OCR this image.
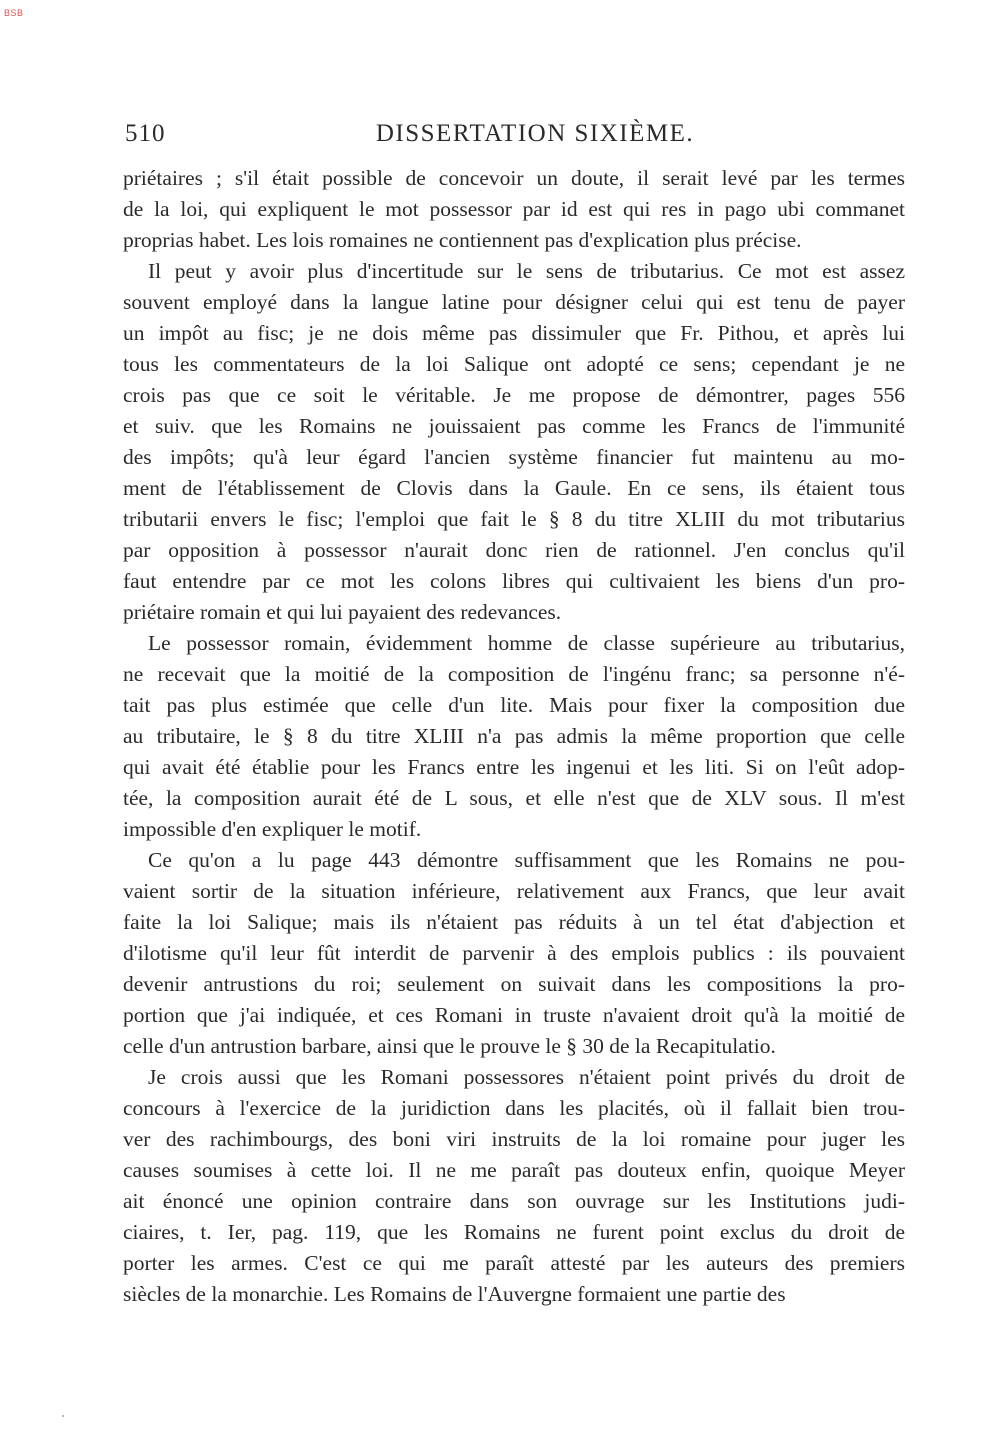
BSB
510	DISSERTATION SIXIÈME.
priétaires ; s'il était possible de concevoir un doute, il serait levé par les termes
de la loi, qui expliquent le mot possessor par id est qui res in pago ubi commanet
proprias habet. Les lois romaines ne contiennent pas d'explication plus précise.
Il peut y avoir plus d'incertitude sur le sens de tributarius. Ce mot est assez
souvent employé dans la langue latine pour désigner celui qui est tenu de payer
un impôt au fisc; je ne dois même pas dissimuler que Fr. Pithou, et après lui
tous les commentateurs de la loi Salique ont adopté ce sens; cependant je ne
crois pas que ce soit le véritable. Je me propose de démontrer, pages 556
et suiv. que les Romains ne jouissaient pas comme les Francs de l'immunité
des impôts; qu'à leur égard l'ancien système financier fut maintenu au mo-
ment de l'établissement de Clovis dans la Gaule. En ce sens, ils étaient tous
tributarii envers le fisc; l'emploi que fait le § 8 du titre XLIII du mot tributarius
par opposition à possessor n'aurait donc rien de rationnel. J'en conclus qu'il
faut entendre par ce mot les colons libres qui cultivaient les biens d'un pro-
priétaire romain et qui lui payaient des redevances.
Le possessor romain, évidemment homme de classe supérieure au tributarius,
ne recevait que la moitié de la composition de l'ingénu franc; sa personne n'é-
tait pas plus estimée que celle d'un lite. Mais pour fixer la composition due
au tributaire, le § 8 du titre XLIII n'a pas admis la même proportion que celle
qui avait été établie pour les Francs entre les ingenui et les liti. Si on l'eût adop-
tée, la composition aurait été de L sous, et elle n'est que de XLV sous. Il m'est
impossible d'en expliquer le motif.
Ce qu'on a lu page 443 démontre suffisamment que les Romains ne pou-
vaient sortir de la situation inférieure, relativement aux Francs, que leur avait
faite la loi Salique; mais ils n'étaient pas réduits à un tel état d'abjection et
d'ilotisme qu'il leur fût interdit de parvenir à des emplois publics : ils pouvaient
devenir antrustions du roi; seulement on suivait dans les compositions la pro-
portion que j'ai indiquée, et ces Romani in truste n'avaient droit qu'à la moitié de
celle d'un antrustion barbare, ainsi que le prouve le § 30 de la Recapitulatio.
Je crois aussi que les Romani possessores n'étaient point privés du droit de
concours à l'exercice de la juridiction dans les placités, où il fallait bien trou-
ver des rachimbourgs, des boni viri instruits de la loi romaine pour juger les
causes soumises à cette loi. Il ne me paraît pas douteux enfin, quoique Meyer
ait énoncé une opinion contraire dans son ouvrage sur les Institutions judi-
ciaires, t. Ier, pag. 119, que les Romains ne furent point exclus du droit de
porter les armes. C'est ce qui me paraît attesté par les auteurs des premiers
siècles de la monarchie. Les Romains de l'Auvergne formaient une partie des
